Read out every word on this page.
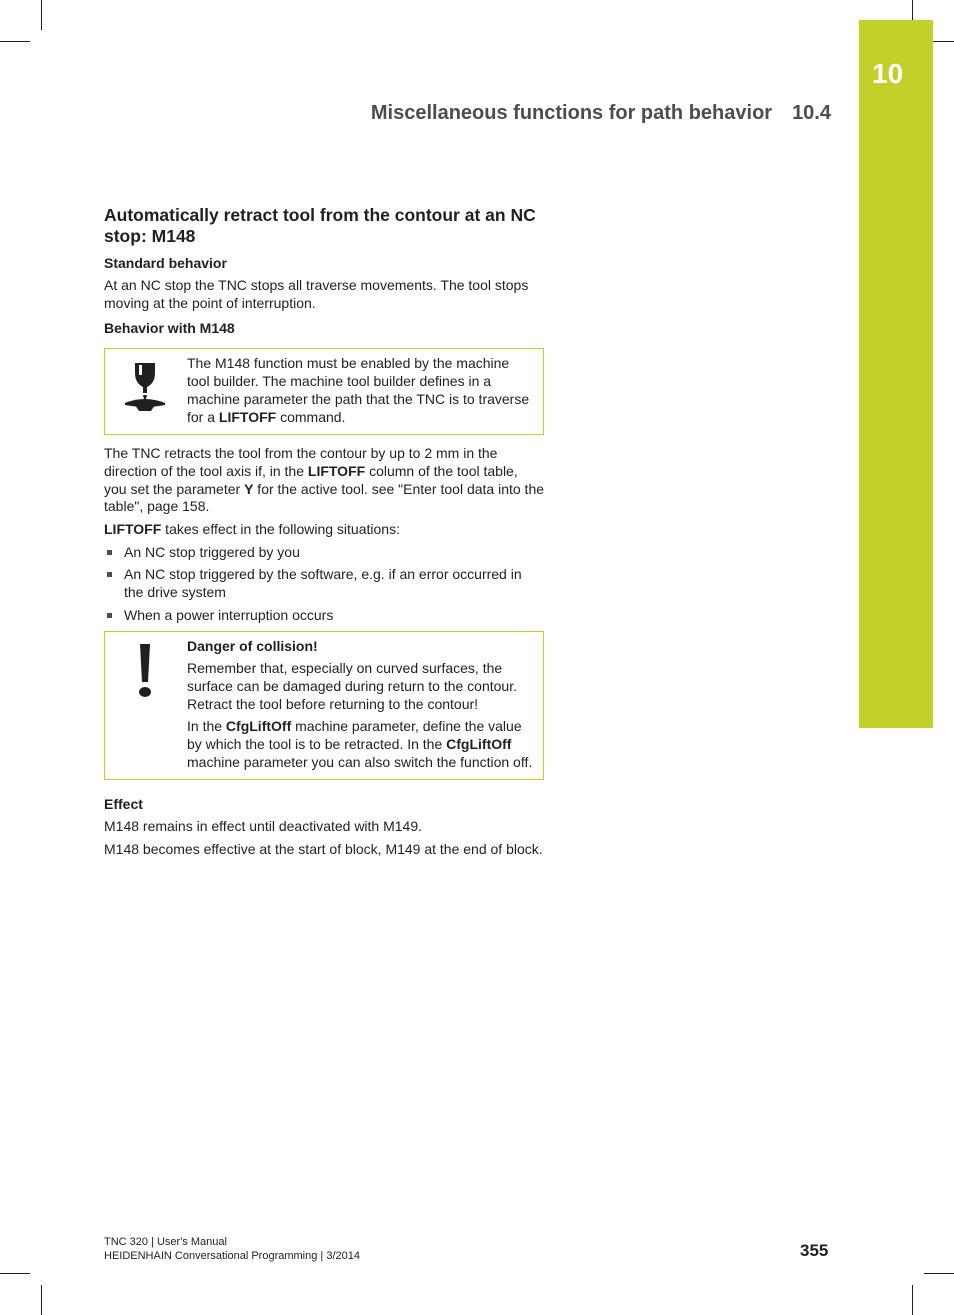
10
Miscellaneous functions for path behavior 10.4
Automatically retract tool from the contour at an NC stop: M148
Standard behavior

At an NC stop the TNC stops all traverse movements. The tool stops moving at the point of interruption.

Behavior with M148

The M148 function must be enabled by the machine tool builder. The machine tool builder defines in a machine parameter the path that the TNC is to traverse for a LIFTOFF command.

The TNC retracts the tool from the contour by up to 2 mm in the direction of the tool axis if, in the LIFTOFF column of the tool table, you set the parameter Y for the active tool. see "Enter tool data into the table", page 158.

LIFTOFF takes effect in the following situations:

An NC stop triggered by you
An NC stop triggered by the software, e.g. if an error occurred in the drive system
When a power interruption occurs

Danger of collision!

Remember that, especially on curved surfaces, the surface can be damaged during return to the contour. Retract the tool before returning to the contour!

In the CfgLiftOff machine parameter, define the value by which the tool is to be retracted. In the CfgLiftOff machine parameter you can also switch the function off.

Effect

M148 remains in effect until deactivated with M149.

M148 becomes effective at the start of block, M149 at the end of block.

TNC 320 | User's Manual
HEIDENHAIN Conversational Programming | 3/2014	355
